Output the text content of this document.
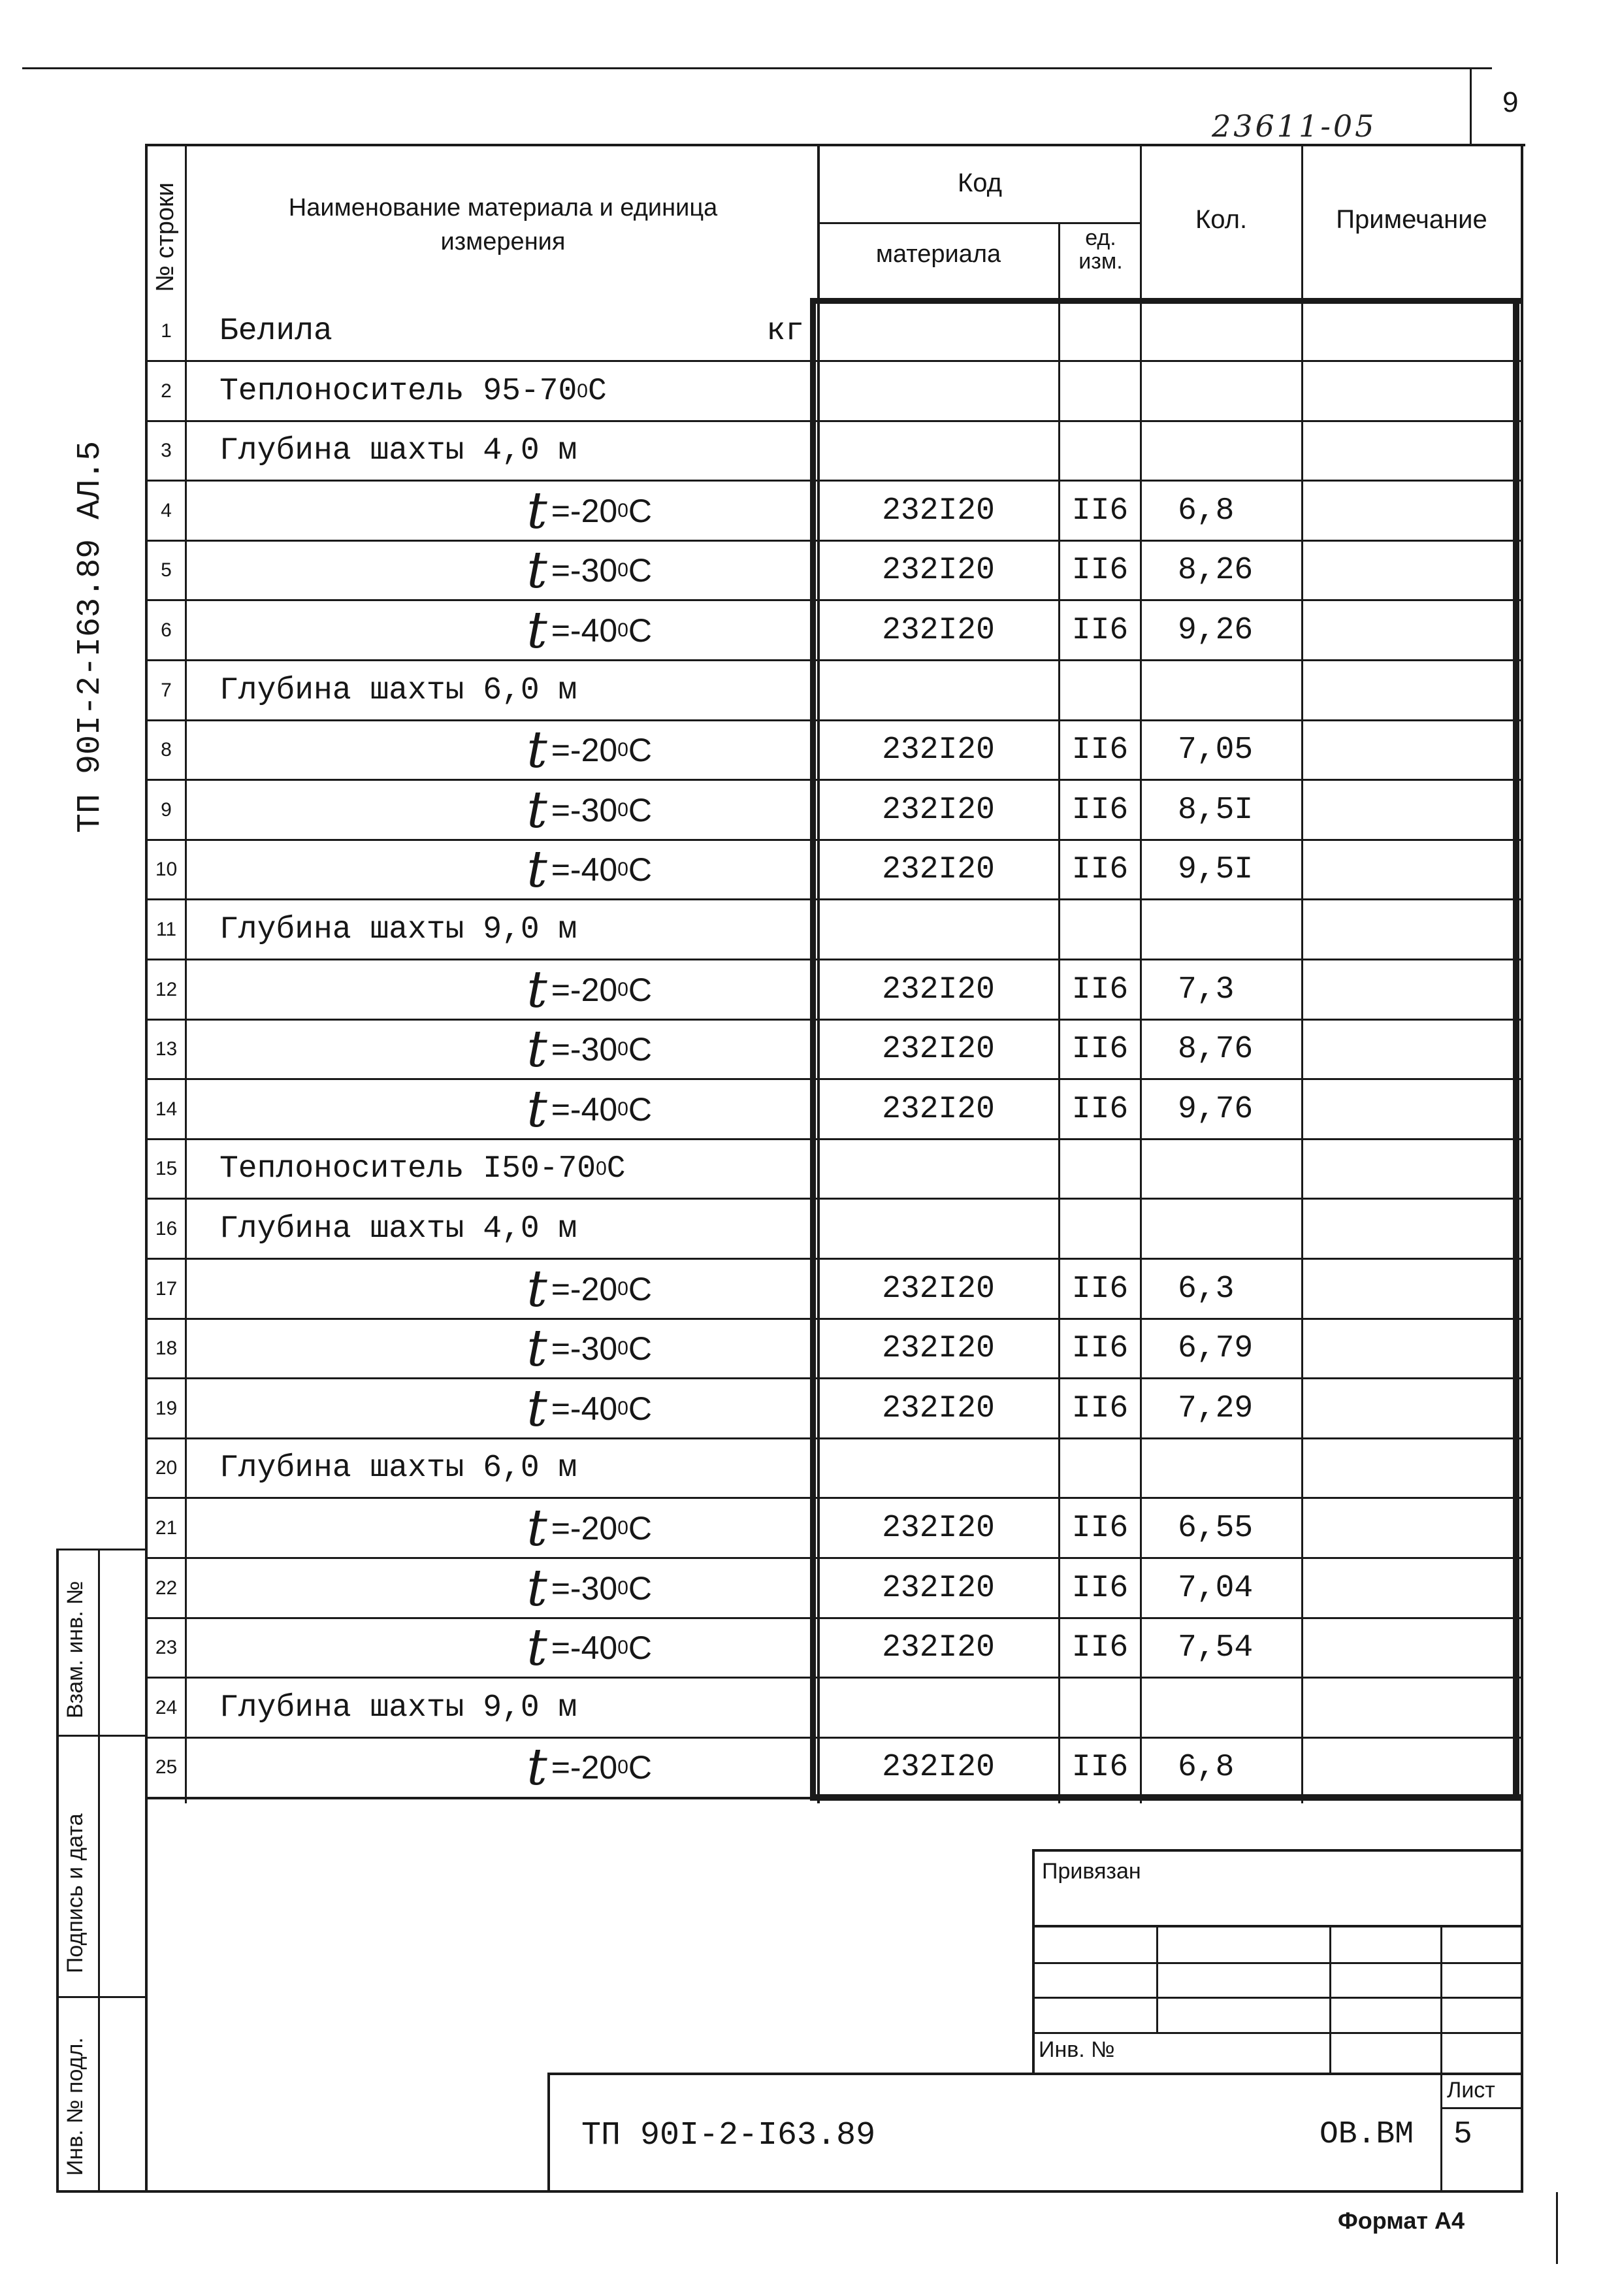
9
23611-05
ТП 90I-2-I63.89 АЛ.5
№ строки	Наименование материала и единица измерения
Код
материала
ед. изм.
Кол.	Примечание
1	Белила	кг
2	Теплоноситель 95-70 0 С
3	Глубина шахты 4,0 м
4	t =-20 0 С	232I20	II6	6,8
5	t =-30 0 С	232I20	II6	8,26
6	t =-40 0 С	232I20	II6	9,26
7	Глубина шахты 6,0 м
8	t =-20 0 С	232I20	II6	7,05
9	t =-30 0 С	232I20	II6	8,5I
10	t =-40 0 С	232I20	II6	9,5I
11 Глубина шахты 9,0 м
12	t =-20 0 С	232I20	II6	7,3
13	t =-30 0 С	232I20	II6	8,76
14	t =-40 0 С	232I20	II6	9,76
15 Теплоноситель I50-70 0 С
16 Глубина шахты 4,0 м
17	t =-20 0 С	232I20	II6	6,3
18	t =-30 0 С	232I20	II6	6,79
19	t =-40 0 С	232I20	II6	7,29
20 Глубина шахты 6,0 м
21	t =-20 0 С	232I20	II6	6,55
22	t =-30 0 С	232I20	II6	7,04
23	t =-40 0 С	232I20	II6	7,54
24 Глубина шахты 9,0 м
25	t =-20 0 С	232I20	II6	6,8
Взам. инв. №
Подпись и дата
Инв. № подл.
Привязан
Инв. №
Лист
5
ТП 90I-2-I63.89	ОВ.ВМ
Формат А4
